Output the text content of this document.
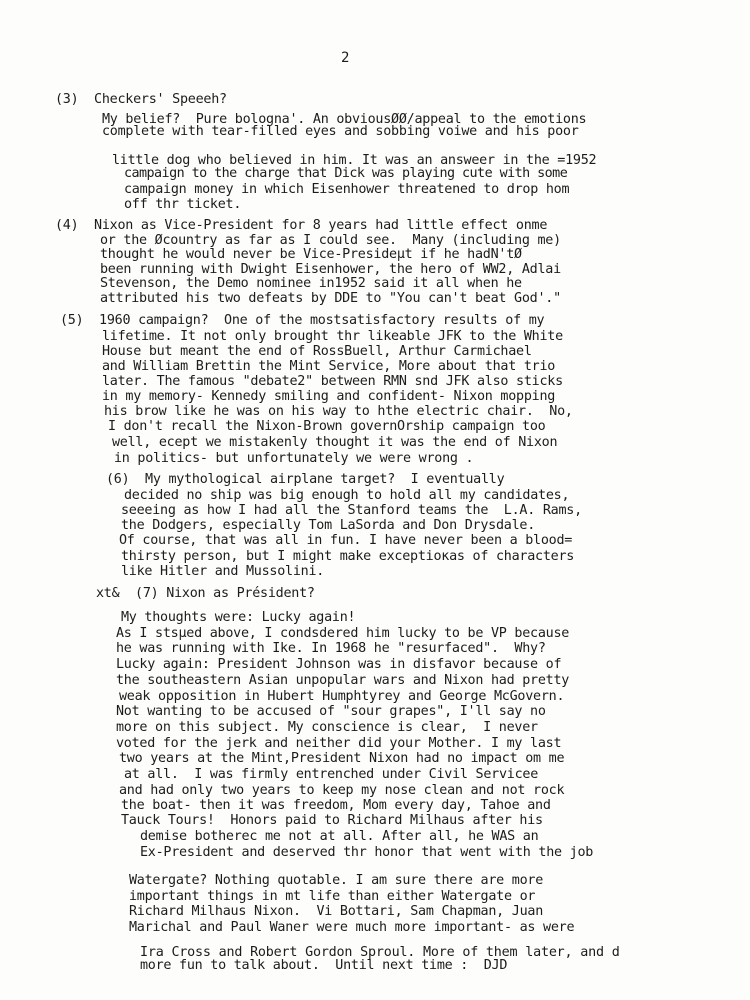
2
(3)  Checkers' Speeeh?
My belief?  Pure bologna'. An obviousØØ/appeal to the emotions
complete with tear-filled eyes and sobbing voiwe and his poor
little dog who believed in him. It was an answeer in the =1952
campaign to the charge that Dick was playing cute with some
campaign money in which Eisenhower threatened to drop hom
off thr ticket.
(4)  Nixon as Vice-President for 8 years had little effect onme
or the Øcountry as far as I could see.  Many (including me)
thought he would never be Vice-Presideμt if he hadN'tØ
been running with Dwight Eisenhower, the hero of WW2, Adlai
Stevenson, the Demo nominee in1952 said it all when he
attributed his two defeats by DDE to "You can't beat God'."
(5)  1960 campaign?  One of the mostsatisfactory results of my
lifetime. It not only brought thr likeable JFK to the White
House but meant the end of RossBuell, Arthur Carmichael
and William Brettin the Mint Service, More about that trio
later. The famous "debate2" between RMN snd JFK also sticks
in my memory- Kennedy smiling and confident- Nixon mopping
his brow like he was on his way to hthe electric chair.  No,
I don't recall the Nixon-Brown governOrship campaign too
well, ecept we mistakenly thought it was the end of Nixon
in politics- but unfortunately we were wrong .
(6)  My mythological airplane target?  I eventually
decided no ship was big enough to hold all my candidates,
seeeing as how I had all the Stanford teams the  L.A. Rams,
the Dodgers, especially Tom LaSorda and Don Drysdale.
Of course, that was all in fun. I have never been a blood=
thirsty person, but I might make exceptioκas of characters
like Hitler and Mussolini.
xt&  (7) Nixon as Président?
My thoughts were: Lucky again!
As I stsµed above, I condsdered him lucky to be VP because
he was running with Ike. In 1968 he "resurfaced".  Why?
Lucky again: President Johnson was in disfavor because of
the southeastern Asian unpopular wars and Nixon had pretty
weak opposition in Hubert Humphtyrey and George McGovern.
Not wanting to be accused of "sour grapes", I'll say no
more on this subject. My conscience is clear,  I never
voted for the jerk and neither did your Mother. I my last
two years at the Mint,President Nixon had no impact om me
at all.  I was firmly entrenched under Civil Servicee
and had only two years to keep my nose clean and not rock
the boat- then it was freedom, Mom every day, Tahoe and
Tauck Tours!  Honors paid to Richard Milhaus after his
demise botherec me not at all. After all, he WAS an
Ex-President and deserved thr honor that went with the job
Watergate? Nothing quotable. I am sure there are more
important things in mt life than either Watergate or
Richard Milhaus Nixon.  Vi Bottari, Sam Chapman, Juan
Marichal and Paul Waner were much more important- as were
Ira Cross and Robert Gordon Sproul. More of them later, and d
more fun to talk about.  Until next time :  DJD
